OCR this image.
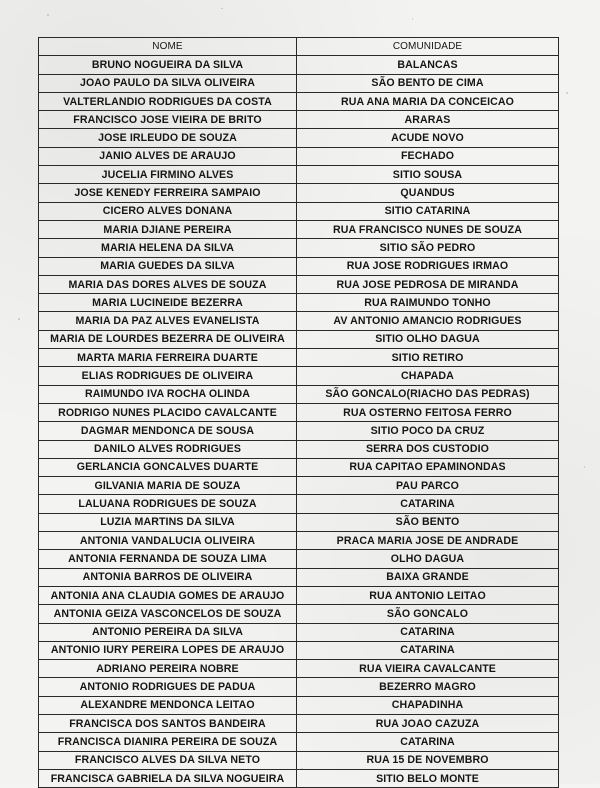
NOME	COMUNIDADE
BRUNO NOGUEIRA DA SILVA	BALANCAS
JOAO PAULO DA SILVA OLIVEIRA	SÃO BENTO DE CIMA
VALTERLANDIO RODRIGUES DA COSTA	RUA ANA MARIA DA CONCEICAO
FRANCISCO JOSE VIEIRA DE BRITO	ARARAS
JOSE IRLEUDO DE SOUZA	ACUDE NOVO
JANIO ALVES DE ARAUJO	FECHADO
JUCELIA FIRMINO ALVES	SITIO SOUSA
JOSE KENEDY FERREIRA SAMPAIO	QUANDUS
CICERO ALVES DONANA	SITIO CATARINA
MARIA DJIANE PEREIRA	RUA FRANCISCO NUNES DE SOUZA
MARIA HELENA DA SILVA	SITIO SÃO PEDRO
MARIA GUEDES DA SILVA	RUA JOSE RODRIGUES IRMAO
MARIA DAS DORES ALVES DE SOUZA	RUA JOSE PEDROSA DE MIRANDA
MARIA LUCINEIDE BEZERRA	RUA RAIMUNDO TONHO
MARIA DA PAZ ALVES EVANELISTA	AV ANTONIO AMANCIO RODRIGUES
MARIA DE LOURDES BEZERRA DE OLIVEIRA	SITIO OLHO DAGUA
MARTA MARIA FERREIRA DUARTE	SITIO RETIRO
ELIAS RODRIGUES DE OLIVEIRA	CHAPADA
RAIMUNDO IVA ROCHA OLINDA	SÃO GONCALO(RIACHO DAS PEDRAS)
RODRIGO NUNES PLACIDO CAVALCANTE	RUA OSTERNO FEITOSA FERRO
DAGMAR MENDONCA DE SOUSA	SITIO POCO DA CRUZ
DANILO ALVES RODRIGUES	SERRA DOS CUSTODIO
GERLANCIA GONCALVES DUARTE	RUA CAPITAO EPAMINONDAS
GILVANIA MARIA DE SOUZA	PAU PARCO
LALUANA RODRIGUES DE SOUZA	CATARINA
LUZIA MARTINS DA SILVA	SÃO BENTO
ANTONIA VANDALUCIA OLIVEIRA	PRACA MARIA JOSE DE ANDRADE
ANTONIA FERNANDA DE SOUZA LIMA	OLHO DAGUA
ANTONIA BARROS DE OLIVEIRA	BAIXA GRANDE
ANTONIA ANA CLAUDIA GOMES DE ARAUJO	RUA ANTONIO LEITAO
ANTONIA GEIZA VASCONCELOS DE SOUZA	SÃO GONCALO
ANTONIO PEREIRA DA SILVA	CATARINA
ANTONIO IURY PEREIRA LOPES DE ARAUJO	CATARINA
ADRIANO PEREIRA NOBRE	RUA VIEIRA CAVALCANTE
ANTONIO RODRIGUES DE PADUA	BEZERRO MAGRO
ALEXANDRE MENDONCA LEITAO	CHAPADINHA
FRANCISCA DOS SANTOS BANDEIRA	RUA JOAO CAZUZA
FRANCISCA DIANIRA PEREIRA DE SOUZA	CATARINA
FRANCISCO ALVES DA SILVA NETO	RUA 15 DE NOVEMBRO
FRANCISCA GABRIELA DA SILVA NOGUEIRA	SITIO BELO MONTE
